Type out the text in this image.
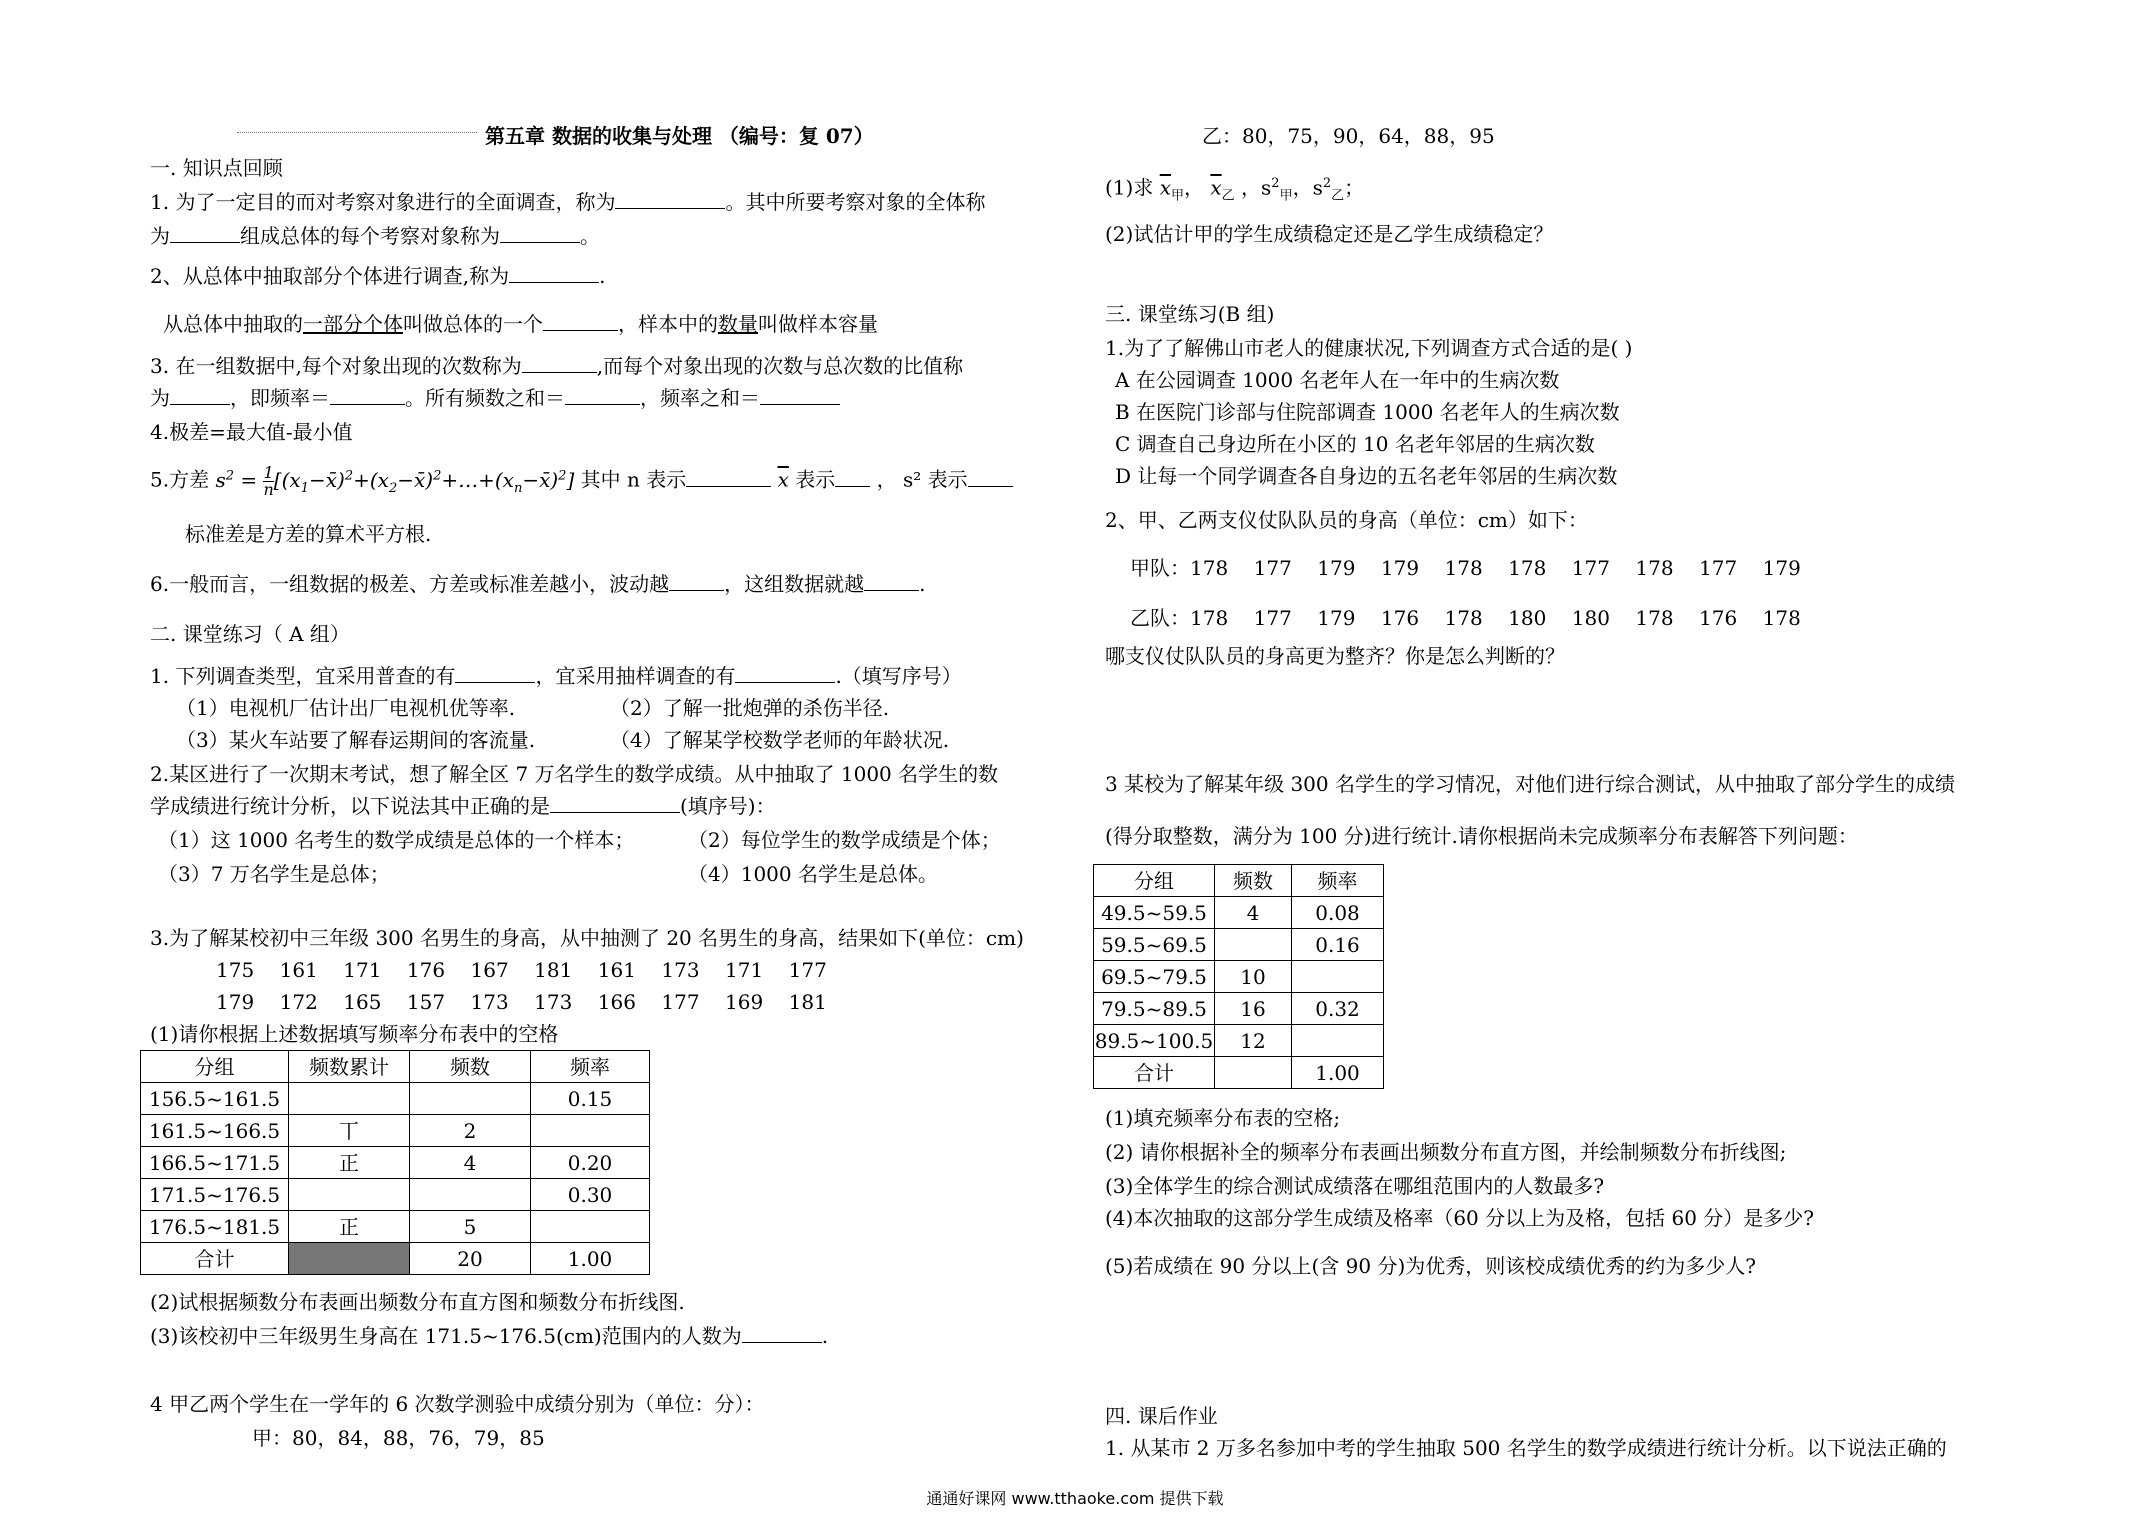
第五章 数据的收集与处理 （编号：复 07）
一. 知识点回顾
1. 为了一定目的而对考察对象进行的全面调查，称为	。其中所要考察对象的全体称
为	组成总体的每个考察对象称为	。
2、从总体中抽取部分个体进行调查,称为	.
从总体中抽取的一部分个体叫做总体的一个	，样本中的数量叫做样本容量
3. 在一组数据中,每个对象出现的次数称为	,而每个对象出现的次数与总次数的比值称
为	，即频率＝	。所有频数之和＝	，频率之和＝
4.极差=最大值-最小值
5.方差 $s^2 = \frac{1}{n}$ $[(x_1-x̄)^2+(x_2-x̄)^2+\dots+(x_n-x̄)^2]$ 其中 n 表示	$\overline{x}$ 表示 ， s² 表示
标准差是方差的算术平方根.
6.一般而言，一组数据的极差、方差或标准差越小，波动越	，这组数据就越	.
二. 课堂练习（ A 组）
1. 下列调查类型，宜采用普查的有	，宜采用抽样调查的有	.（填写序号）
（1）电视机厂估计出厂电视机优等率.	（2）了解一批炮弹的杀伤半径.
（3）某火车站要了解春运期间的客流量.	（4）了解某学校数学老师的年龄状况.
2.某区进行了一次期末考试，想了解全区 7 万名学生的数学成绩。从中抽取了 1000 名学生的数
学成绩进行统计分析，以下说法其中正确的是	(填序号)：
（1）这 1000 名考生的数学成绩是总体的一个样本；	（2）每位学生的数学成绩是个体；
（3）7 万名学生是总体；	（4）1000 名学生是总体。
3.为了解某校初中三年级 300 名男生的身高，从中抽测了 20 名男生的身高，结果如下(单位：cm)
175 161 171 176 167 181 161 173 171 177
179 172 165 157 173 173 166 177 169 181
(1)请你根据上述数据填写频率分布表中的空格
分组	频数累计	频数	频率
156.5~161.5			0.15
161.5~166.5	丅	2	
166.5~171.5	正	4	0.20
171.5~176.5			0.30
176.5~181.5	正	5	
合计		20	1.00
(2)试根据频数分布表画出频数分布直方图和频数分布折线图.
(3)该校初中三年级男生身高在 171.5~176.5(cm)范围内的人数为	.
4 甲乙两个学生在一学年的 6 次数学测验中成绩分别为（单位：分）：
甲：80，84，88，76，79，85
乙：80，75，90，64，88，95
(1)求 $\overline{x}_甲$， $\overline{x}_乙$ ，$s^2_甲$，$s^2_乙$；
(2)试估计甲的学生成绩稳定还是乙学生成绩稳定？
三. 课堂练习(B 组)
1.为了了解佛山市老人的健康状况,下列调查方式合适的是( )
A 在公园调查 1000 名老年人在一年中的生病次数
B 在医院门诊部与住院部调查 1000 名老年人的生病次数
C 调查自己身边所在小区的 10 名老年邻居的生病次数
D 让每一个同学调查各自身边的五名老年邻居的生病次数
2、甲、乙两支仪仗队队员的身高（单位：cm）如下：
甲队：178 177 179 179 178 178 177 178 177 179
乙队：178 177 179 176 178 180 180 178 176 178
哪支仪仗队队员的身高更为整齐？你是怎么判断的？
3 某校为了解某年级 300 名学生的学习情况，对他们进行综合测试，从中抽取了部分学生的成绩
(得分取整数，满分为 100 分)进行统计.请你根据尚未完成频率分布表解答下列问题：
分组	频数	频率
49.5~59.5	4	0.08
59.5~69.5		0.16
69.5~79.5	10	
79.5~89.5	16	0.32
89.5~100.5	12	
合计		1.00
(1)填充频率分布表的空格;
(2) 请你根据补全的频率分布表画出频数分布直方图，并绘制频数分布折线图;
(3)全体学生的综合测试成绩落在哪组范围内的人数最多?
(4)本次抽取的这部分学生成绩及格率（60 分以上为及格，包括 60 分）是多少?
(5)若成绩在 90 分以上(含 90 分)为优秀，则该校成绩优秀的约为多少人?
四. 课后作业
1. 从某市 2 万多名参加中考的学生抽取 500 名学生的数学成绩进行统计分析。以下说法正确的
通通好课网 www.tthaoke.com 提供下载
